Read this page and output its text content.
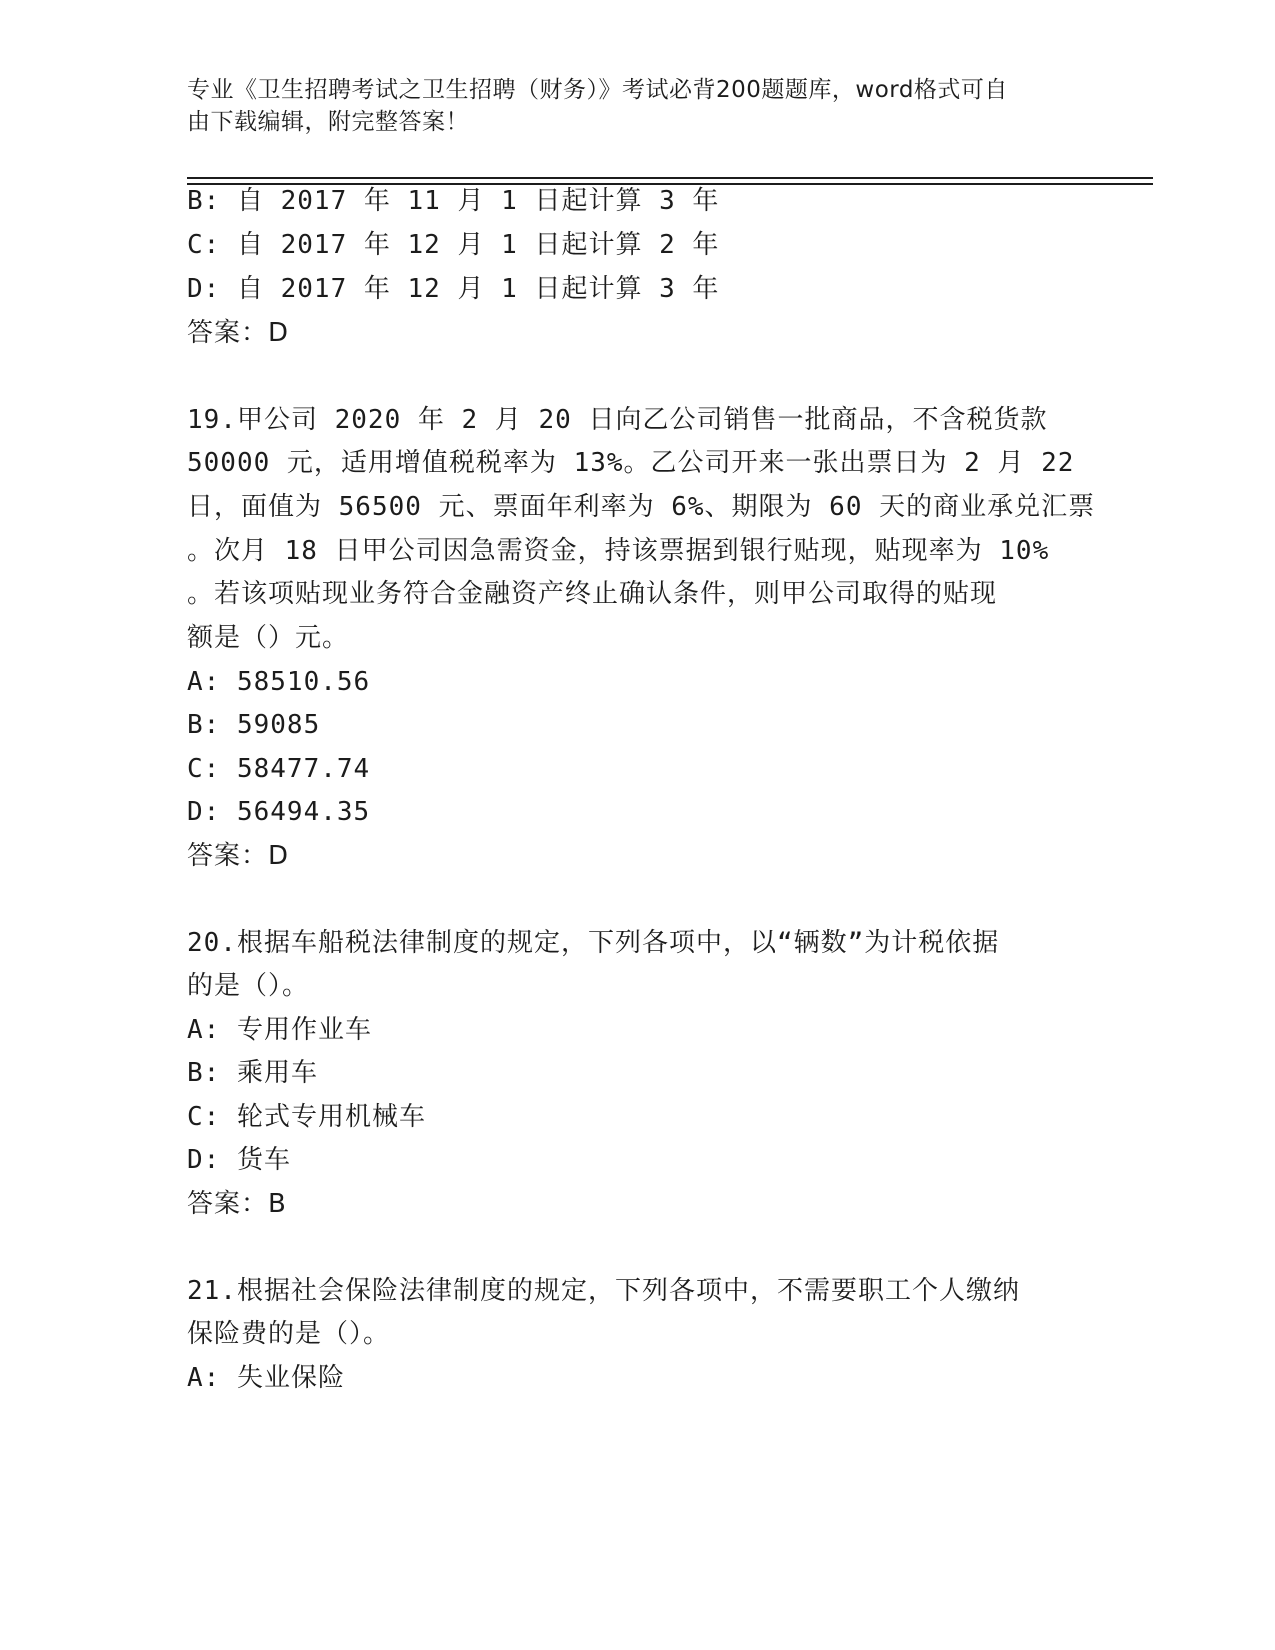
专业《卫生招聘考试之卫生招聘（财务）》考试必背200题题库，word格式可自
由下载编辑，附完整答案！
B: 自 2017 年 11 月 1 日起计算 3 年
C: 自 2017 年 12 月 1 日起计算 2 年
D: 自 2017 年 12 月 1 日起计算 3 年
答案：D
19.甲公司 2020 年 2 月 20 日向乙公司销售一批商品，不含税货款
50000 元，适用增值税税率为 13%。乙公司开来一张出票日为 2 月 22
日，面值为 56500 元、票面年利率为 6%、期限为 60 天的商业承兑汇票
。次月 18 日甲公司因急需资金，持该票据到银行贴现，贴现率为 10%
。若该项贴现业务符合金融资产终止确认条件，则甲公司取得的贴现
额是（）元。
A: 58510.56
B: 59085
C: 58477.74
D: 56494.35
答案：D
20.根据车船税法律制度的规定，下列各项中，以“辆数”为计税依据
的是（）。
A: 专用作业车
B: 乘用车
C: 轮式专用机械车
D: 货车
答案：B
21.根据社会保险法律制度的规定，下列各项中，不需要职工个人缴纳
保险费的是（）。
A: 失业保险
